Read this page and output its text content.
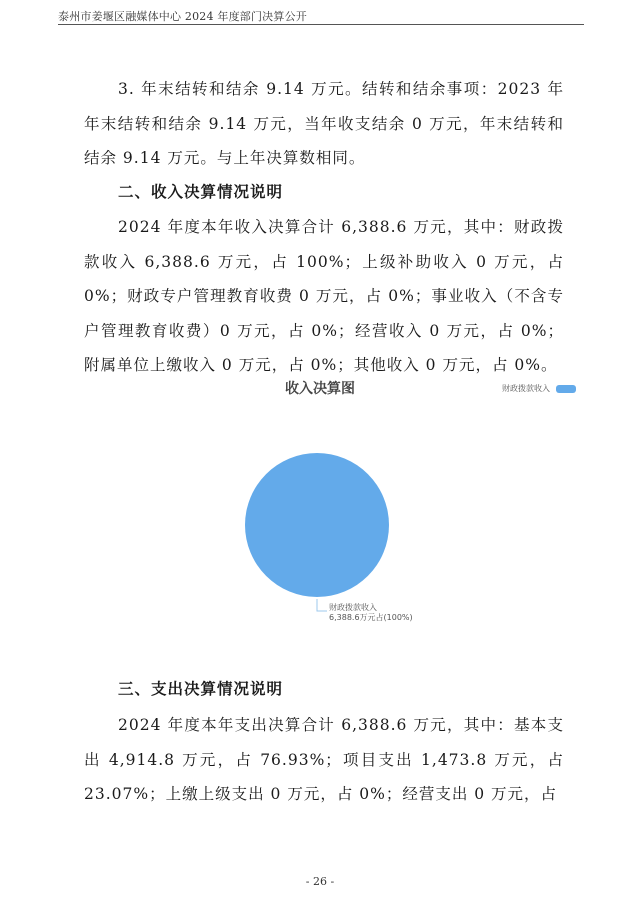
泰州市姜堰区融媒体中心 2024 年度部门决算公开

3. 年末结转和结余 9.14 万元。结转和结余事项：2023 年年末结转和结余 9.14 万元，当年收支结余 0 万元，年末结转和结余 9.14 万元。与上年决算数相同。

二、收入决算情况说明

2024 年度本年收入决算合计 6,388.6 万元，其中：财政拨款收入 6,388.6 万元，占 100%；上级补助收入 0 万元，占 0%；财政专户管理教育收费 0 万元，占 0%；事业收入（不含专户管理教育收费）0 万元，占 0%；经营收入 0 万元，占 0%；附属单位上缴收入 0 万元，占 0%；其他收入 0 万元，占 0%。

收入决算图	财政拨款收入
财政拨款收入
6,388.6万元占(100%)
三、支出决算情况说明

2024 年度本年支出决算合计 6,388.6 万元，其中：基本支出 4,914.8 万元，占 76.93%；项目支出 1,473.8 万元，占 23.07%；上缴上级支出 0 万元，占 0%；经营支出 0 万元，占

- 26 -
